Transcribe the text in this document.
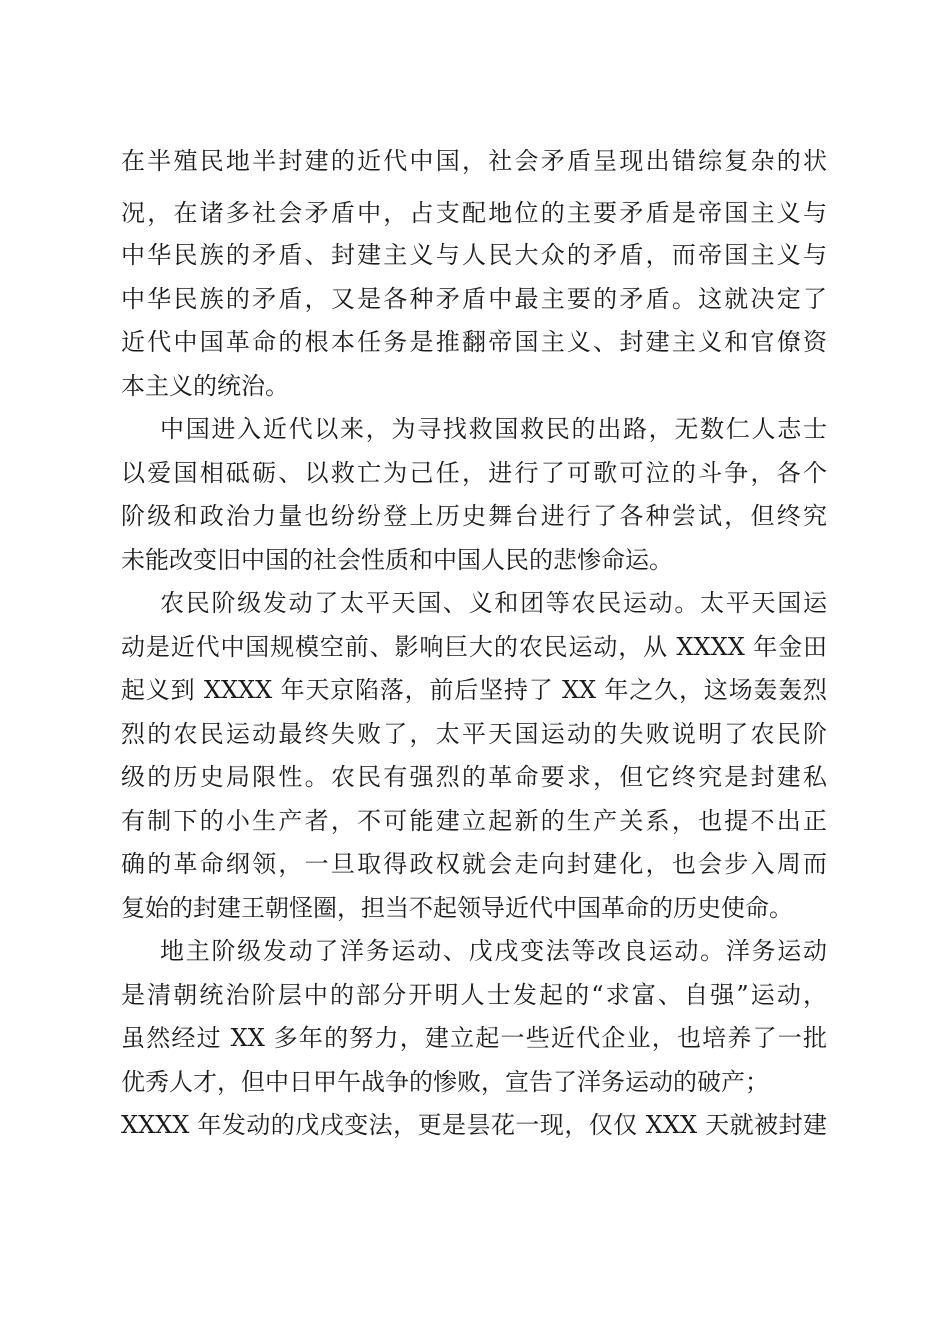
在半殖民地半封建的近代中国，社会矛盾呈现出错综复杂的状
况，在诸多社会矛盾中，占支配地位的主要矛盾是帝国主义与
中华民族的矛盾、封建主义与人民大众的矛盾，而帝国主义与
中华民族的矛盾，又是各种矛盾中最主要的矛盾。这就决定了
近代中国革命的根本任务是推翻帝国主义、封建主义和官僚资
本主义的统治。
中国进入近代以来，为寻找救国救民的出路，无数仁人志士
以爱国相砥砺、以救亡为己任，进行了可歌可泣的斗争，各个
阶级和政治力量也纷纷登上历史舞台进行了各种尝试，但终究
未能改变旧中国的社会性质和中国人民的悲惨命运。
农民阶级发动了太平天国、义和团等农民运动。太平天国运
动是近代中国规模空前、影响巨大的农民运动，从 XXXX 年金田
起义到 XXXX 年天京陷落，前后坚持了 XX 年之久，这场轰轰烈
烈的农民运动最终失败了，太平天国运动的失败说明了农民阶
级的历史局限性。农民有强烈的革命要求，但它终究是封建私
有制下的小生产者，不可能建立起新的生产关系，也提不出正
确的革命纲领，一旦取得政权就会走向封建化，也会步入周而
复始的封建王朝怪圈，担当不起领导近代中国革命的历史使命。
地主阶级发动了洋务运动、戊戌变法等改良运动。洋务运动
是清朝统治阶层中的部分开明人士发起的“求富、自强”运动，
虽然经过 XX 多年的努力，建立起一些近代企业，也培养了一批
优秀人才，但中日甲午战争的惨败，宣告了洋务运动的破产；
XXXX 年发动的戊戌变法，更是昙花一现，仅仅 XXX 天就被封建
